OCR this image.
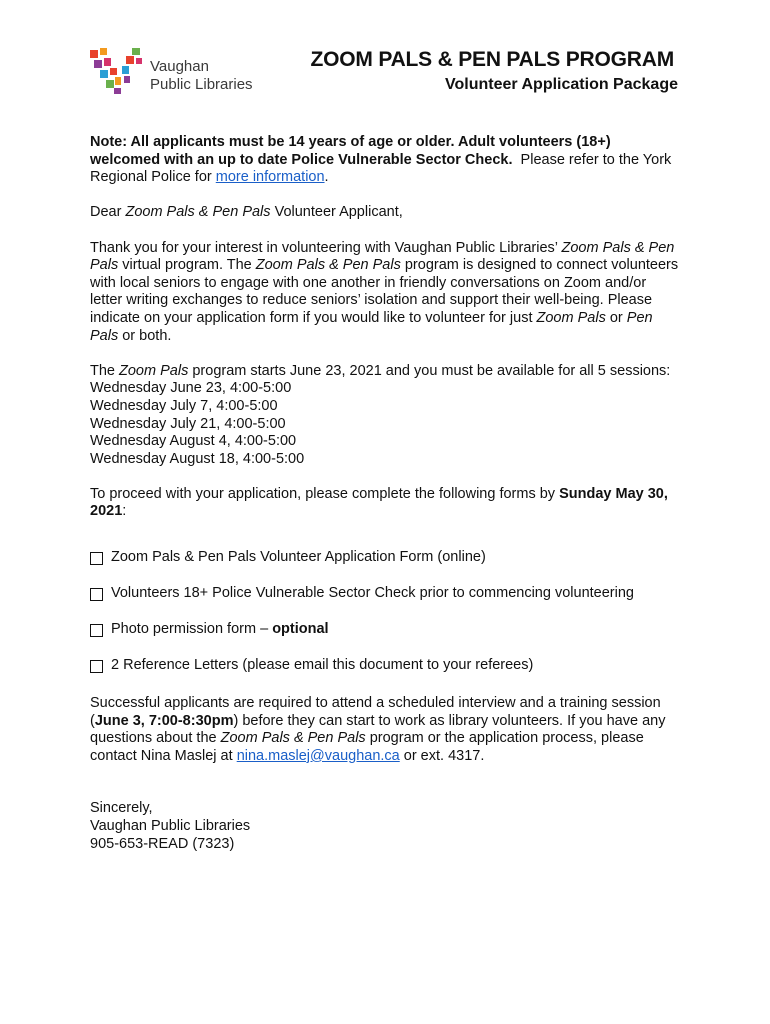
Vaughan
Public Libraries
ZOOM PALS & PEN PALS PROGRAM
Volunteer Application Package

Note: All applicants must be 14 years of age or older. Adult volunteers (18+) welcomed with an up to date Police Vulnerable Sector Check. Please refer to the York Regional Police for more information.

Dear Zoom Pals & Pen Pals Volunteer Applicant,

Thank you for your interest in volunteering with Vaughan Public Libraries’ Zoom Pals & Pen Pals virtual program. The Zoom Pals & Pen Pals program is designed to connect volunteers with local seniors to engage with one another in friendly conversations on Zoom and/or letter writing exchanges to reduce seniors’ isolation and support their well-being. Please indicate on your application form if you would like to volunteer for just Zoom Pals or Pen Pals or both.

The Zoom Pals program starts June 23, 2021 and you must be available for all 5 sessions:

Wednesday June 23, 4:00-5:00
Wednesday July 7, 4:00-5:00
Wednesday July 21, 4:00-5:00
Wednesday August 4, 4:00-5:00
Wednesday August 18, 4:00-5:00

To proceed with your application, please complete the following forms by Sunday May 30, 2021:

Zoom Pals & Pen Pals Volunteer Application Form (online)
Volunteers 18+ Police Vulnerable Sector Check prior to commencing volunteering
Photo permission form – optional
2 Reference Letters (please email this document to your referees)

Successful applicants are required to attend a scheduled interview and a training session (June 3, 7:00-8:30pm) before they can start to work as library volunteers. If you have any questions about the Zoom Pals & Pen Pals program or the application process, please contact Nina Maslej at nina.maslej@vaughan.ca or ext. 4317.

Sincerely,
Vaughan Public Libraries
905-653-READ (7323)
